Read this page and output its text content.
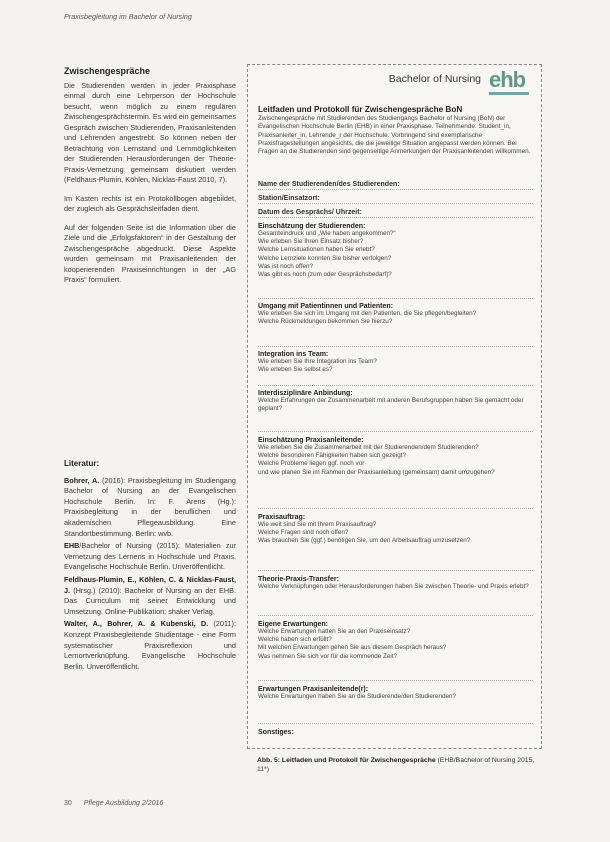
Praxisbegleitung im Bachelor of Nursing
Zwischengespräche

Die Studierenden werden in jeder Praxisphase einmal durch eine Lehrperson der Hochschule besucht, wenn möglich zu einem regulären Zwischengesprächstermin. Es wird ein gemeinsames Gespräch zwischen Studierenden, Praxisanleitenden und Lehrenden angestrebt. So können neben der Betrachtung von Lernstand und Lernmöglichkeiten der Studierenden Herausforderungen der Theorie-Praxis-Vernetzung gemeinsam diskutiert werden (Feldhaus-Plumin, Köhlen, Nicklas-Faust 2010, 7).

Im Kasten rechts ist ein Protokollbogen abgebildet, der zugleich als Gesprächsleitfaden dient.

Auf der folgenden Seite ist die Information über die Ziele und die „Erfolgsfaktoren“ in der Gestaltung der Zwischengespräche abgedruckt. Diese Aspekte wurden gemeinsam mit Praxisanleitenden der kooperierenden Praxiseinrichtungen in der „AG Praxis“ formuliert.

Literatur:

Bohrer, A. (2016): Praxisbegleitung im Studiengang Bachelor of Nursing an der Evangelischen Hochschule Berlin. In: F. Arens (Hg.): Praxisbegleitung in der beruflichen und akademischen Pflegeausbildung. Eine Standortbestimmung. Berlin: wvb.

EHB/Bachelor of Nursing (2015): Materialien zur Vernetzung des Lernens in Hochschule und Praxis. Evangelische Hochschule Berlin. Unveröffentlicht.

Feldhaus-Plumin, E., Köhlen, C. & Nicklas-Faust, J. (Hrsg.) (2010): Bachelor of Nursing an der EHB. Das Curriculum mit seiner Entwicklung und Umsetzung. Online-Publikation: shaker Verlag.

Walter, A., Bohrer, A. & Kubenski, D. (2011): Konzept Praxisbegleitende Studientage - eine Form systematischer Praxisreflexion und Lernortverknüpfung. Evangelische Hochschule Berlin. Unveröffentlicht.

Bachelor of Nursing ehb
Leitfaden und Protokoll für Zwischengespräche BoN
Zwischengespräche mit Studierenden des Studiengangs Bachelor of Nursing (BoN) der Evangelischen Hochschule Berlin (EHB) in einer Praxisphase. Teilnehmende: Student_in, Praxisanleiter_in, Lehrende_r der Hochschule. Vorbringend sind exemplarische Praxisfragestellungen angesichts, die die jeweilige Situation angepasst werden können. Bei Fragen an die Studierenden sind gegenseitige Anmerkungen der Praxisanleitenden willkommen.
Name der Studierenden/des Studierenden:
Station/Einsatzort:
Datum des Gesprächs/ Uhrzeit:
Einschätzung der Studierenden:
Gesamteindruck und „Wie haben angekommen?“
Wie erleben Sie Ihren Einsatz bisher?
Welche Lernsituationen haben Sie erlebt?
Welche Lernziele konnten Sie bisher verfolgen?
Was ist noch offen?
Was gibt es noch (zum oder Gesprächsbedarf)?
Umgang mit Patientinnen und Patienten:
Wie erleben Sie sich im Umgang mit den Patienten, die Sie pflegen/begleiten?
Welche Rückmeldungen bekommen Sie hierzu?
Integration ins Team:
Wie erleben Sie Ihre Integration ins Team?
Wie erleben Sie selbst es?
Interdisziplinäre Anbindung:
Welche Erfahrungen der Zusammenarbeit mit anderen Berufsgruppen haben Sie gemacht oder geplant?
Einschätzung Praxisanleitende:
Wie erleben Sie die Zusammenarbeit mit der Studierenden/dem Studierenden?
Welche besonderen Fähigkeiten haben sich gezeigt?
Welche Probleme liegen ggf. noch vor
und wie planen Sie im Rahmen der Praxisanleitung (gemeinsam) damit umzugehen?
Praxisauftrag:
Wie weit sind Sie mit Ihrem Praxisauftrag?
Welche Fragen sind noch offen?
Was brauchen Sie (ggf.) benötigen Sie, um den Arbeitsauftrag umzusetzen?
Theorie-Praxis-Transfer:
Welche Verknüpfungen oder Herausforderungen haben Sie zwischen Theorie- und Praxis erlebt?
Eigene Erwartungen:
Welche Erwartungen hatten Sie an den Praxiseinsatz?
Welche haben sich erfüllt?
Mit welchen Erwartungen gehen Sie aus diesem Gespräch heraus?
Was nehmen Sie sich vor für die kommende Zeit?
Erwartungen Praxisanleitende(r):
Welche Erwartungen haben Sie an die Studierende/den Studierenden?
Sonstiges:
Abb. 5: Leitfaden und Protokoll für Zwischengespräche (EHB/Bachelor of Nursing 2015, 11*)
30 Pflege Ausbildung 2/2016
